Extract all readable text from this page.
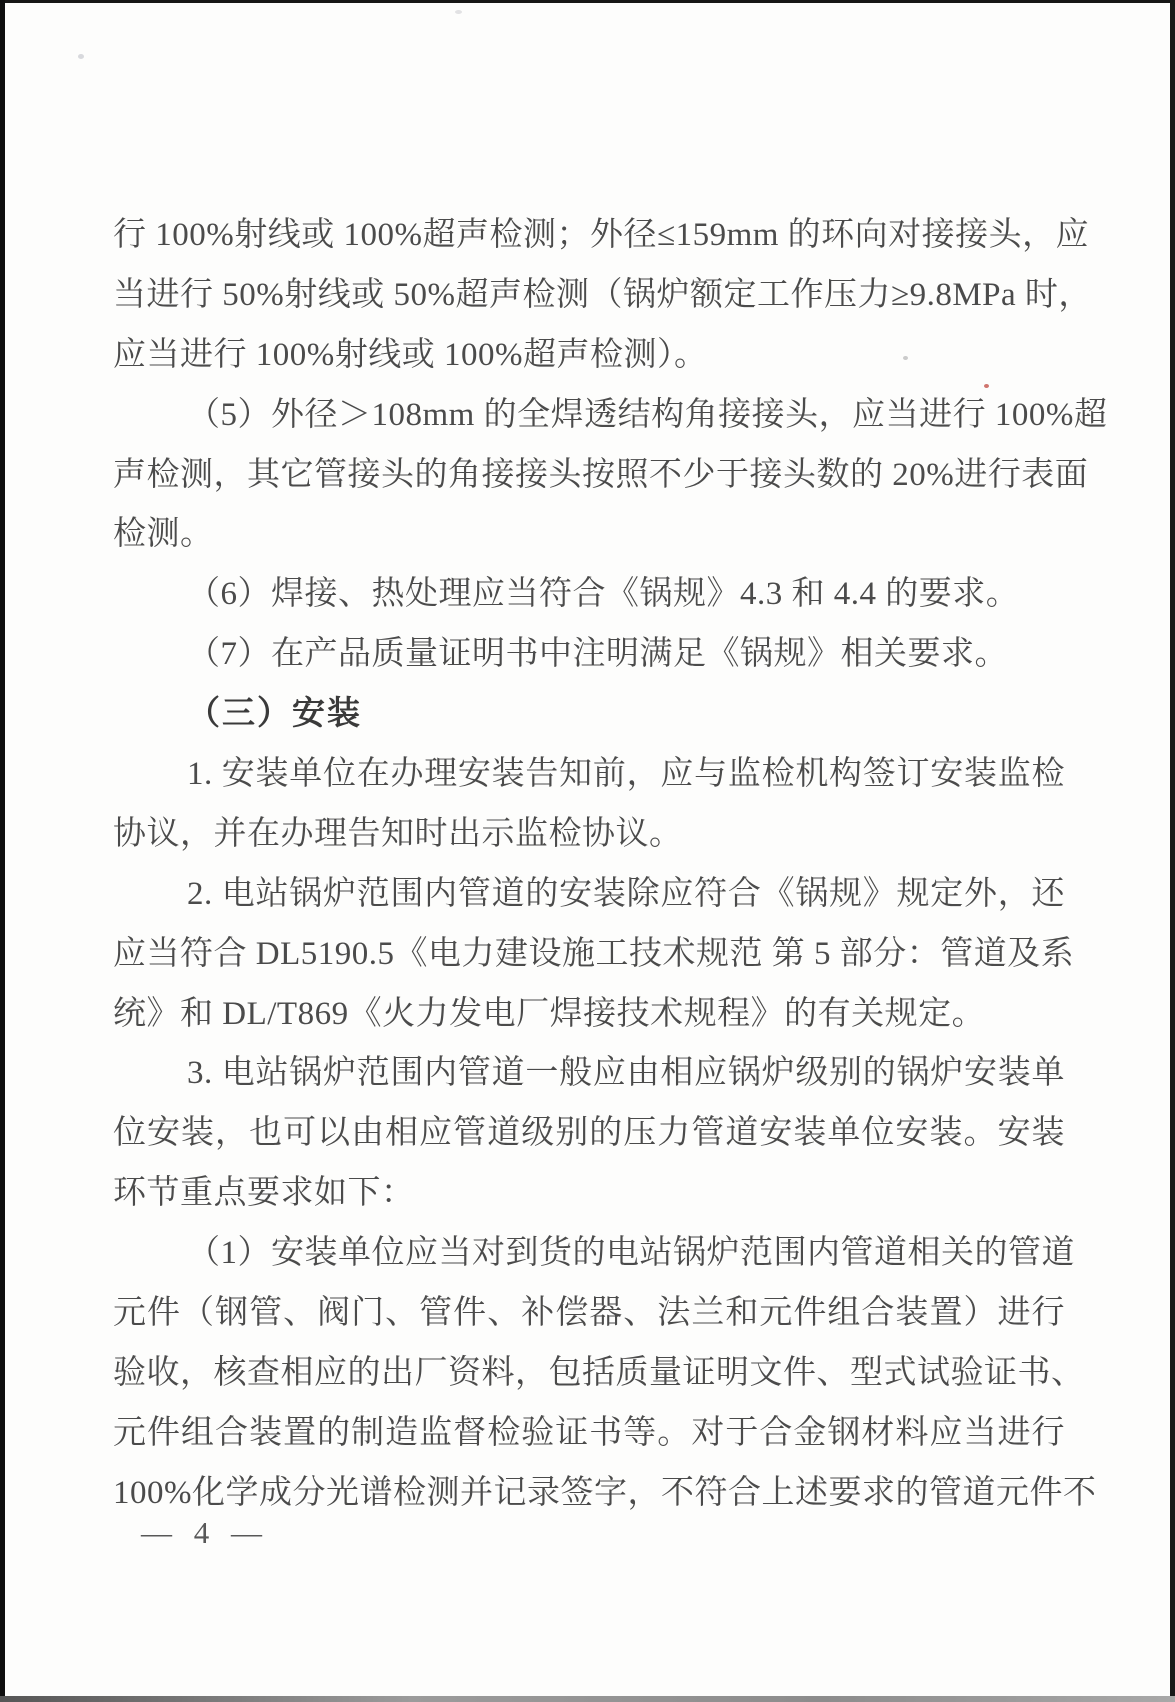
行 100%射线或 100%超声检测；外径≤159mm 的环向对接接头，应
当进行 50%射线或 50%超声检测（锅炉额定工作压力≥9.8MPa 时，
应当进行 100%射线或 100%超声检测）。
（5）外径＞108mm 的全焊透结构角接接头，应当进行 100%超
声检测，其它管接头的角接接头按照不少于接头数的 20%进行表面
检测。
（6）焊接、热处理应当符合《锅规》4.3 和 4.4 的要求。
（7）在产品质量证明书中注明满足《锅规》相关要求。
（三）安装
1. 安装单位在办理安装告知前，应与监检机构签订安装监检
协议，并在办理告知时出示监检协议。
2. 电站锅炉范围内管道的安装除应符合《锅规》规定外，还
应当符合 DL5190.5《电力建设施工技术规范 第 5 部分：管道及系
统》和 DL/T869《火力发电厂焊接技术规程》的有关规定。
3. 电站锅炉范围内管道一般应由相应锅炉级别的锅炉安装单
位安装，也可以由相应管道级别的压力管道安装单位安装。安装
环节重点要求如下：
（1）安装单位应当对到货的电站锅炉范围内管道相关的管道
元件（钢管、阀门、管件、补偿器、法兰和元件组合装置）进行
验收，核查相应的出厂资料，包括质量证明文件、型式试验证书、
元件组合装置的制造监督检验证书等。对于合金钢材料应当进行
100%化学成分光谱检测并记录签字，不符合上述要求的管道元件不
— 4 —
